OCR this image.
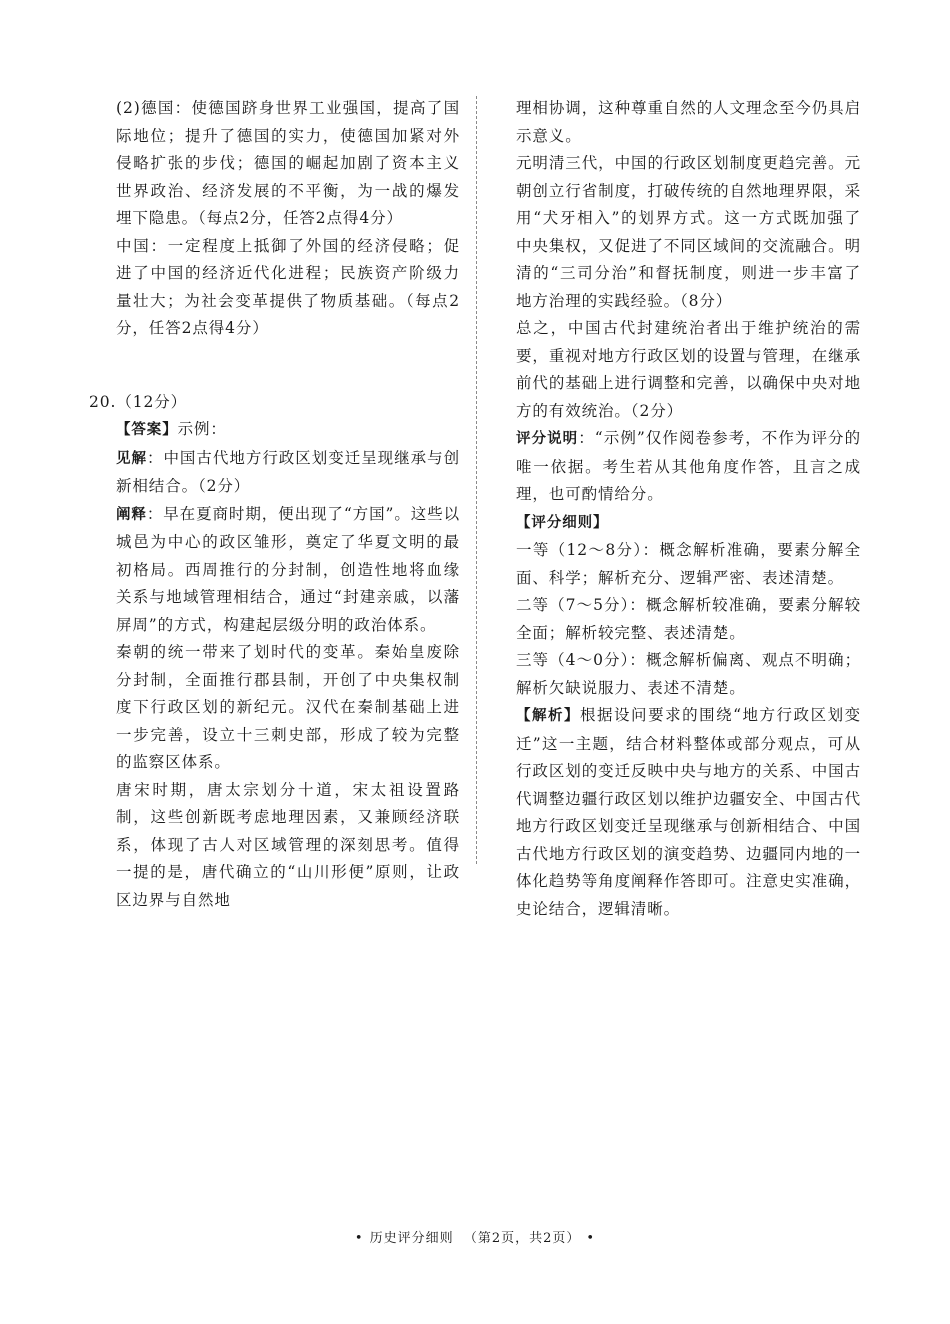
(2)德国：使德国跻身世界工业强国，提高了国际地位；提升了德国的实力，使德国加紧对外侵略扩张的步伐；德国的崛起加剧了资本主义世界政治、经济发展的不平衡，为一战的爆发埋下隐患。（每点2分，任答2点得4分）

中国：一定程度上抵御了外国的经济侵略；促进了中国的经济近代化进程；民族资产阶级力量壮大；为社会变革提供了物质基础。（每点2分，任答2点得4分）

20.（12分）

【答案】示例：

见解：中国古代地方行政区划变迁呈现继承与创新相结合。（2分）

阐释：早在夏商时期，便出现了“方国”。这些以城邑为中心的政区雏形，奠定了华夏文明的最初格局。西周推行的分封制，创造性地将血缘关系与地域管理相结合，通过“封建亲戚，以藩屏周”的方式，构建起层级分明的政治体系。

秦朝的统一带来了划时代的变革。秦始皇废除分封制，全面推行郡县制，开创了中央集权制度下行政区划的新纪元。汉代在秦制基础上进一步完善，设立十三刺史部，形成了较为完整的监察区体系。

唐宋时期，唐太宗划分十道，宋太祖设置路制，这些创新既考虑地理因素，又兼顾经济联系，体现了古人对区域管理的深刻思考。值得一提的是，唐代确立的“山川形便”原则，让政区边界与自然地

理相协调，这种尊重自然的人文理念至今仍具启示意义。

元明清三代，中国的行政区划制度更趋完善。元朝创立行省制度，打破传统的自然地理界限，采用“犬牙相入”的划界方式。这一方式既加强了中央集权，又促进了不同区域间的交流融合。明清的“三司分治”和督抚制度，则进一步丰富了地方治理的实践经验。（8分）

总之，中国古代封建统治者出于维护统治的需要，重视对地方行政区划的设置与管理，在继承前代的基础上进行调整和完善，以确保中央对地方的有效统治。（2分）

评分说明：“示例”仅作阅卷参考，不作为评分的唯一依据。考生若从其他角度作答，且言之成理，也可酌情给分。

【评分细则】

一等（12～8分）：概念解析准确，要素分解全面、科学；解析充分、逻辑严密、表述清楚。

二等（7～5分）：概念解析较准确，要素分解较全面；解析较完整、表述清楚。

三等（4～0分）：概念解析偏离、观点不明确；解析欠缺说服力、表述不清楚。

【解析】根据设问要求的围绕“地方行政区划变迁”这一主题，结合材料整体或部分观点，可从行政区划的变迁反映中央与地方的关系、中国古代调整边疆行政区划以维护边疆安全、中国古代地方行政区划变迁呈现继承与创新相结合、中国古代地方行政区划的演变趋势、边疆同内地的一体化趋势等角度阐释作答即可。注意史实准确，史论结合，逻辑清晰。

• 历史评分细则 （第2页，共2页） •
